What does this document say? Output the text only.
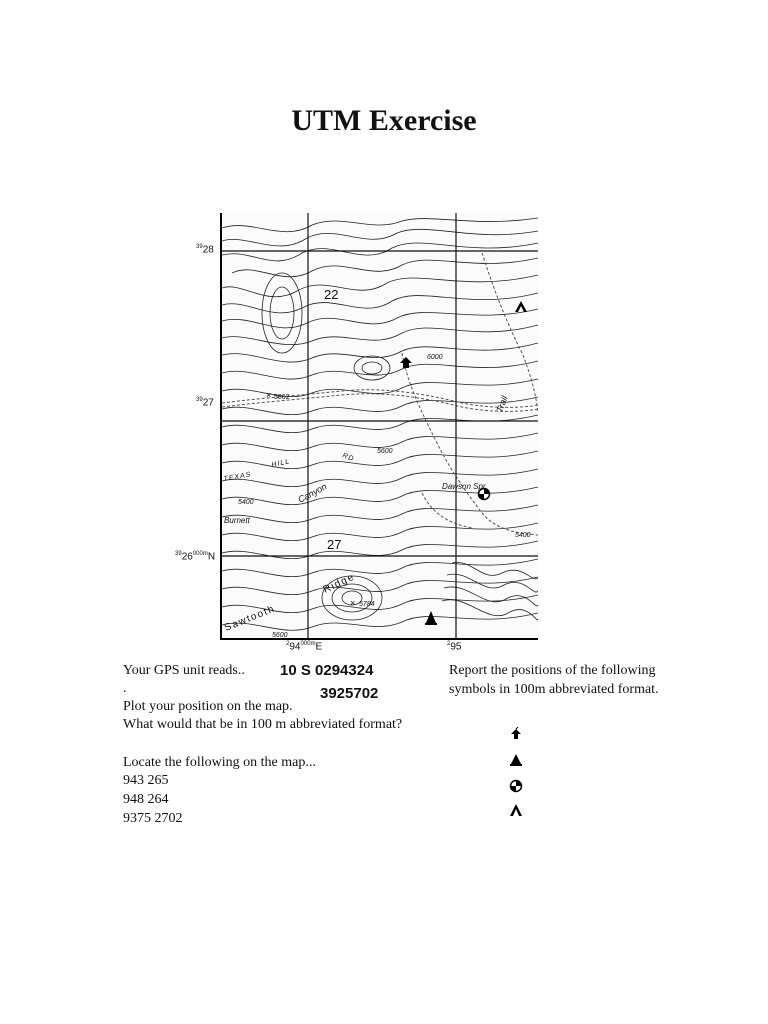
UTM Exercise
×
×
22
27
5862
6000
5600
5400
5400
5784
5600
TEXAS
HILL
RD
Burnett
Canyon	Dawson Spr
Ridge
Sawtooth
Trail
$^{39}$28
$^{39}$27
$^{39}26^{000m}N$
$^294^{000m}E$	$^2$95
Your GPS unit reads..
.
10 S 0294324
3925702
Plot your position on the map.
What would that be in 100 m abbreviated format?
Locate the following on the map...
943 265
948 264
9375 2702
Report the positions of the following
symbols in 100m abbreviated format.
